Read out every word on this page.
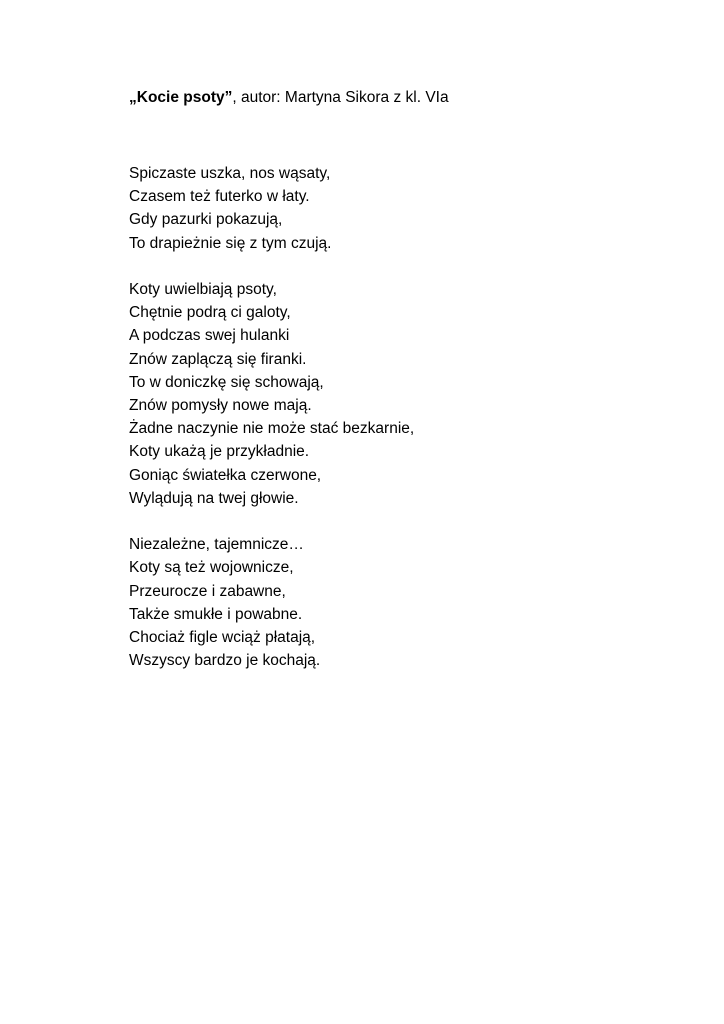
„Kocie psoty”, autor: Martyna Sikora z kl. VIa
Spiczaste uszka, nos wąsaty,
Czasem też futerko w łaty.
Gdy pazurki pokazują,
To drapieżnie się z tym czują.
Koty uwielbiają psoty,
Chętnie podrą ci galoty,
A podczas swej hulanki
Znów zaplączą się firanki.
To w doniczkę się schowają,
Znów pomysły nowe mają.
Żadne naczynie nie może stać bezkarnie,
Koty ukażą je przykładnie.
Goniąc światełka czerwone,
Wylądują na twej głowie.
Niezależne, tajemnicze…
Koty są też wojownicze,
Przeurocze i zabawne,
Także smukłe i powabne.
Chociaż figle wciąż płatają,
Wszyscy bardzo je kochają.
